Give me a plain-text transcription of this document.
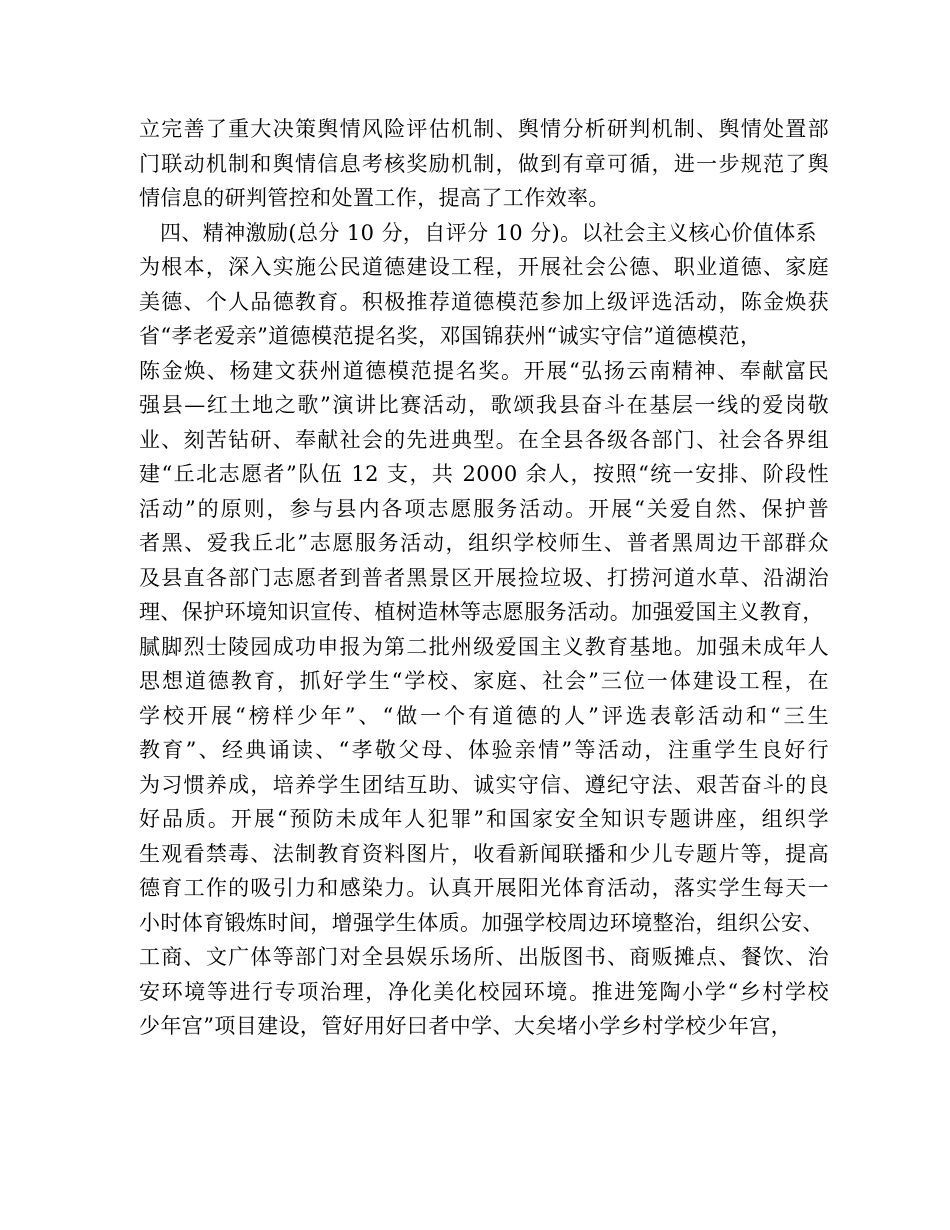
立完善了重大决策舆情风险评估机制、舆情分析研判机制、舆情处置部
门联动机制和舆情信息考核奖励机制，做到有章可循，进一步规范了舆
情信息的研判管控和处置工作，提高了工作效率。
四、精神激励(总分 10 分，自评分 10 分)。以社会主义核心价值体系
为根本，深入实施公民道德建设工程，开展社会公德、职业道德、家庭
美德、个人品德教育。积极推荐道德模范参加上级评选活动，陈金焕获
省“孝老爱亲”道德模范提名奖，邓国锦获州“诚实守信”道德模范，
陈金焕、杨建文获州道德模范提名奖。开展“弘扬云南精神、奉献富民
强县—红土地之歌”演讲比赛活动，歌颂我县奋斗在基层一线的爱岗敬
业、刻苦钻研、奉献社会的先进典型。在全县各级各部门、社会各界组
建“丘北志愿者”队伍 12 支，共 2000 余人，按照“统一安排、阶段性
活动”的原则，参与县内各项志愿服务活动。开展“关爱自然、保护普
者黑、爱我丘北”志愿服务活动，组织学校师生、普者黑周边干部群众
及县直各部门志愿者到普者黑景区开展捡垃圾、打捞河道水草、沿湖治
理、保护环境知识宣传、植树造林等志愿服务活动。加强爱国主义教育，
腻脚烈士陵园成功申报为第二批州级爱国主义教育基地。加强未成年人
思想道德教育，抓好学生“学校、家庭、社会”三位一体建设工程，在
学校开展“榜样少年”、“做一个有道德的人”评选表彰活动和“三生
教育”、经典诵读、“孝敬父母、体验亲情”等活动，注重学生良好行
为习惯养成，培养学生团结互助、诚实守信、遵纪守法、艰苦奋斗的良
好品质。开展“预防未成年人犯罪”和国家安全知识专题讲座，组织学
生观看禁毒、法制教育资料图片，收看新闻联播和少儿专题片等，提高
德育工作的吸引力和感染力。认真开展阳光体育活动，落实学生每天一
小时体育锻炼时间，增强学生体质。加强学校周边环境整治，组织公安、
工商、文广体等部门对全县娱乐场所、出版图书、商贩摊点、餐饮、治
安环境等进行专项治理，净化美化校园环境。推进笼陶小学“乡村学校
少年宫”项目建设，管好用好曰者中学、大矣堵小学乡村学校少年宫，
